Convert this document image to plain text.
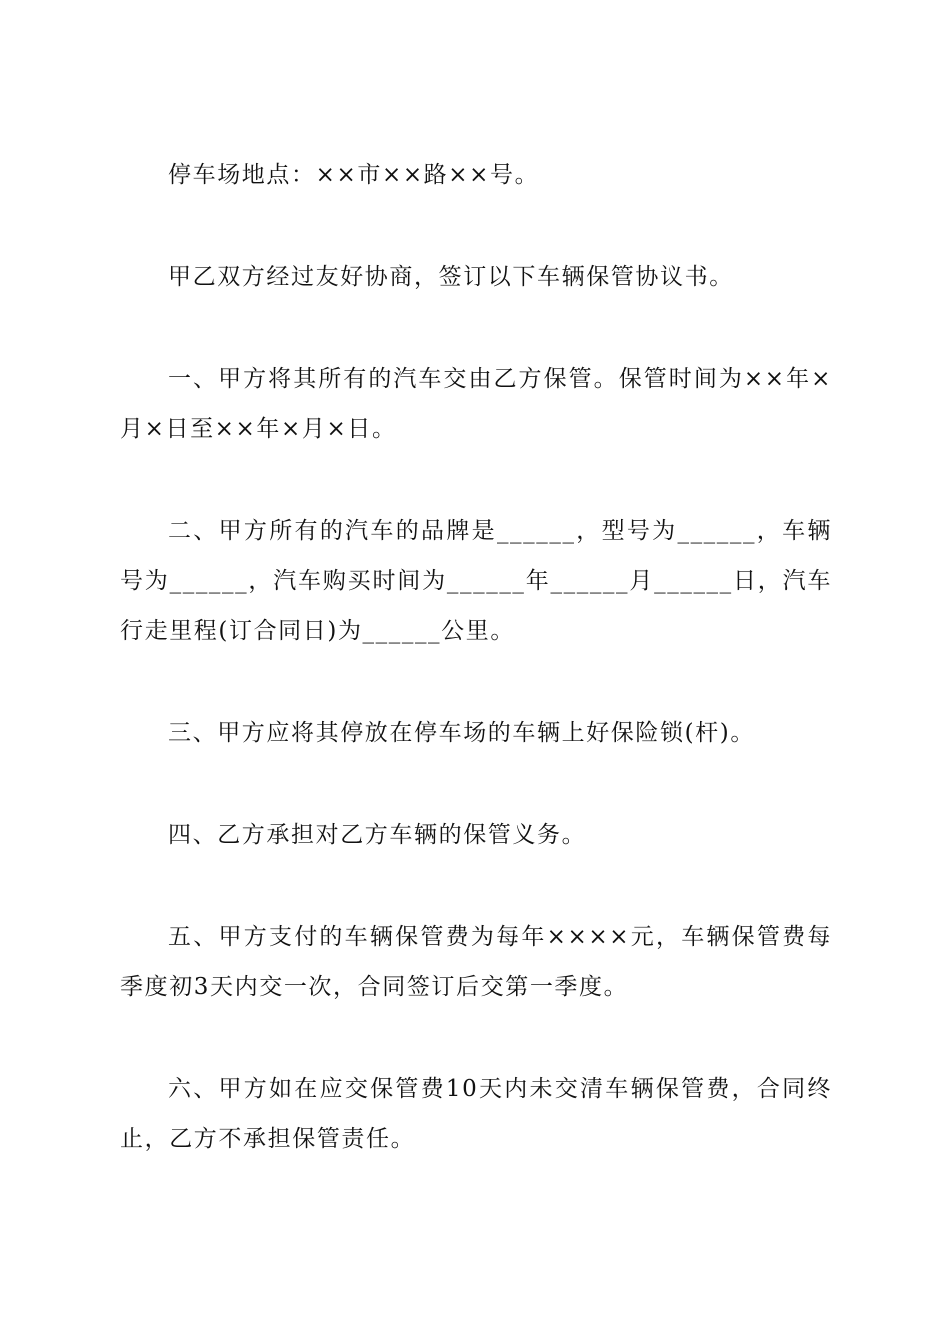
停车场地点：××市××路××号。

甲乙双方经过友好协商，签订以下车辆保管协议书。

一、甲方将其所有的汽车交由乙方保管。保管时间为××年×月×日至××年×月×日。

二、甲方所有的汽车的品牌是______，型号为______，车辆号为______，汽车购买时间为______年______月______日，汽车行走里程(订合同日)为______公里。

三、甲方应将其停放在停车场的车辆上好保险锁(杆)。

四、乙方承担对乙方车辆的保管义务。

五、甲方支付的车辆保管费为每年××××元，车辆保管费每季度初3天内交一次，合同签订后交第一季度。

六、甲方如在应交保管费10天内未交清车辆保管费，合同终止，乙方不承担保管责任。
